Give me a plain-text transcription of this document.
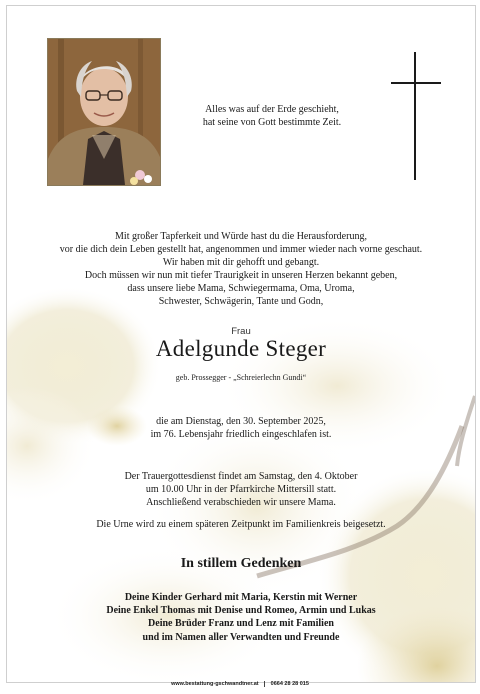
Alles was auf der Erde geschieht,
hat seine von Gott bestimmte Zeit.
Mit großer Tapferkeit und Würde hast du die Herausforderung,
vor die dich dein Leben gestellt hat, angenommen und immer wieder nach vorne geschaut.
Wir haben mit dir gehofft und gebangt.
Doch müssen wir nun mit tiefer Traurigkeit in unseren Herzen bekannt geben,
dass unsere liebe Mama, Schwiegermama, Oma, Uroma,
Schwester, Schwägerin, Tante und Godn,
Frau
Adelgunde Steger
geb. Prossegger - „Schreierlechn Gundi“
die am Dienstag, den 30. September 2025,
im 76. Lebensjahr friedlich eingeschlafen ist.
Der Trauergottesdienst findet am Samstag, den 4. Oktober
um 10.00 Uhr in der Pfarrkirche Mittersill statt.
Anschließend verabschieden wir unsere Mama.
Die Urne wird zu einem späteren Zeitpunkt im Familienkreis beigesetzt.
In stillem Gedenken
Deine Kinder Gerhard mit Maria, Kerstin mit Werner
Deine Enkel Thomas mit Denise und Romeo, Armin und Lukas
Deine Brüder Franz und Lenz mit Familien
und im Namen aller Verwandten und Freunde
www.bestattung-gschwandtner.at 0664 28 28 015
